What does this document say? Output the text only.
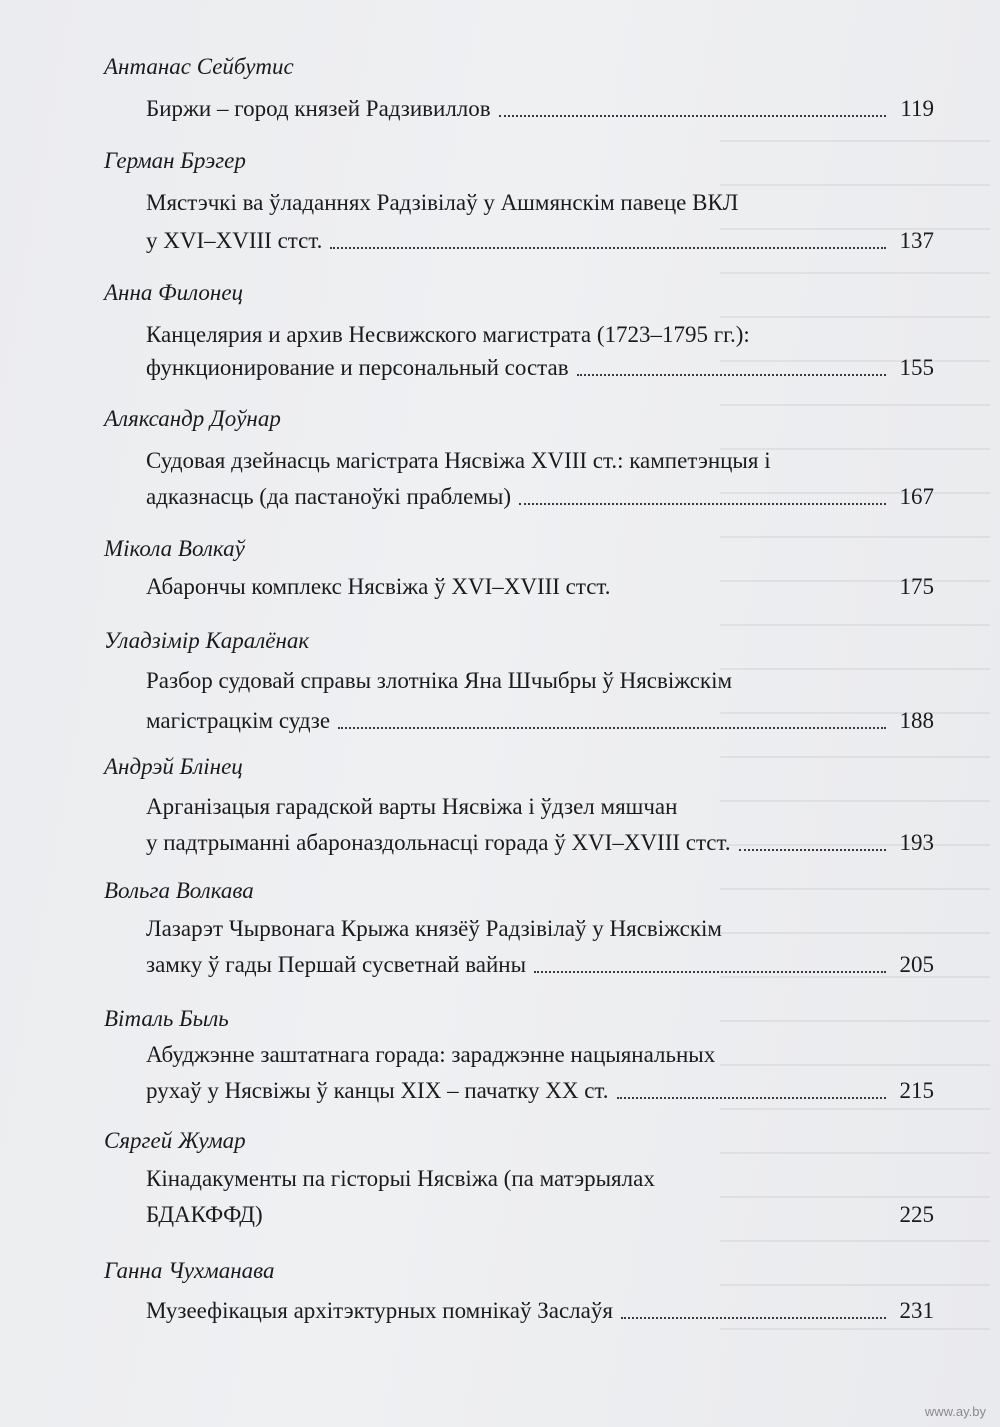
Антанас Сейбутис
Биржи – город князей Радзивиллов	119
Герман Брэгер
Мястэчкі ва ўладаннях Радзівілаў у Ашмянскім павеце ВКЛ
у XVI–XVIII стст.	137
Анна Филонец
Канцелярия и архив Несвижского магистрата (1723–1795 гг.):
функционирование и персональный состав	155
Аляксандр Доўнар
Судовая дзейнасць магістрата Нясвіжа XVIII ст.: кампетэнцыя і
адказнасць (да пастаноўкі праблемы)	167
Мікола Волкаў
Абарончы комплекс Нясвіжа ў XVI–XVIII стст.	175
Уладзімір Каралёнак
Разбор судовай справы злотніка Яна Шчыбры ў Нясвіжскім
магістрацкім судзе	188
Андрэй Блінец
Арганізацыя гарадской варты Нясвіжа і ўдзел мяшчан
у падтрыманні абароназдольнасці горада ў XVI–XVIII стст.	193
Вольга Волкава
Лазарэт Чырвонага Крыжа князёў Радзівілаў у Нясвіжскім
замку ў гады Першай сусветнай вайны	205
Віталь Быль
Абуджэнне заштатнага горада: зараджэнне нацыянальных
рухаў у Нясвіжы ў канцы XIX – пачатку XX ст.	215
Сяргей Жумар
Кінадакументы па гісторыі Нясвіжа (па матэрыялах
БДАКФФД)	225
Ганна Чухманава
Музеефікацыя архітэктурных помнікаў Заслаўя	231
www.ay.by
